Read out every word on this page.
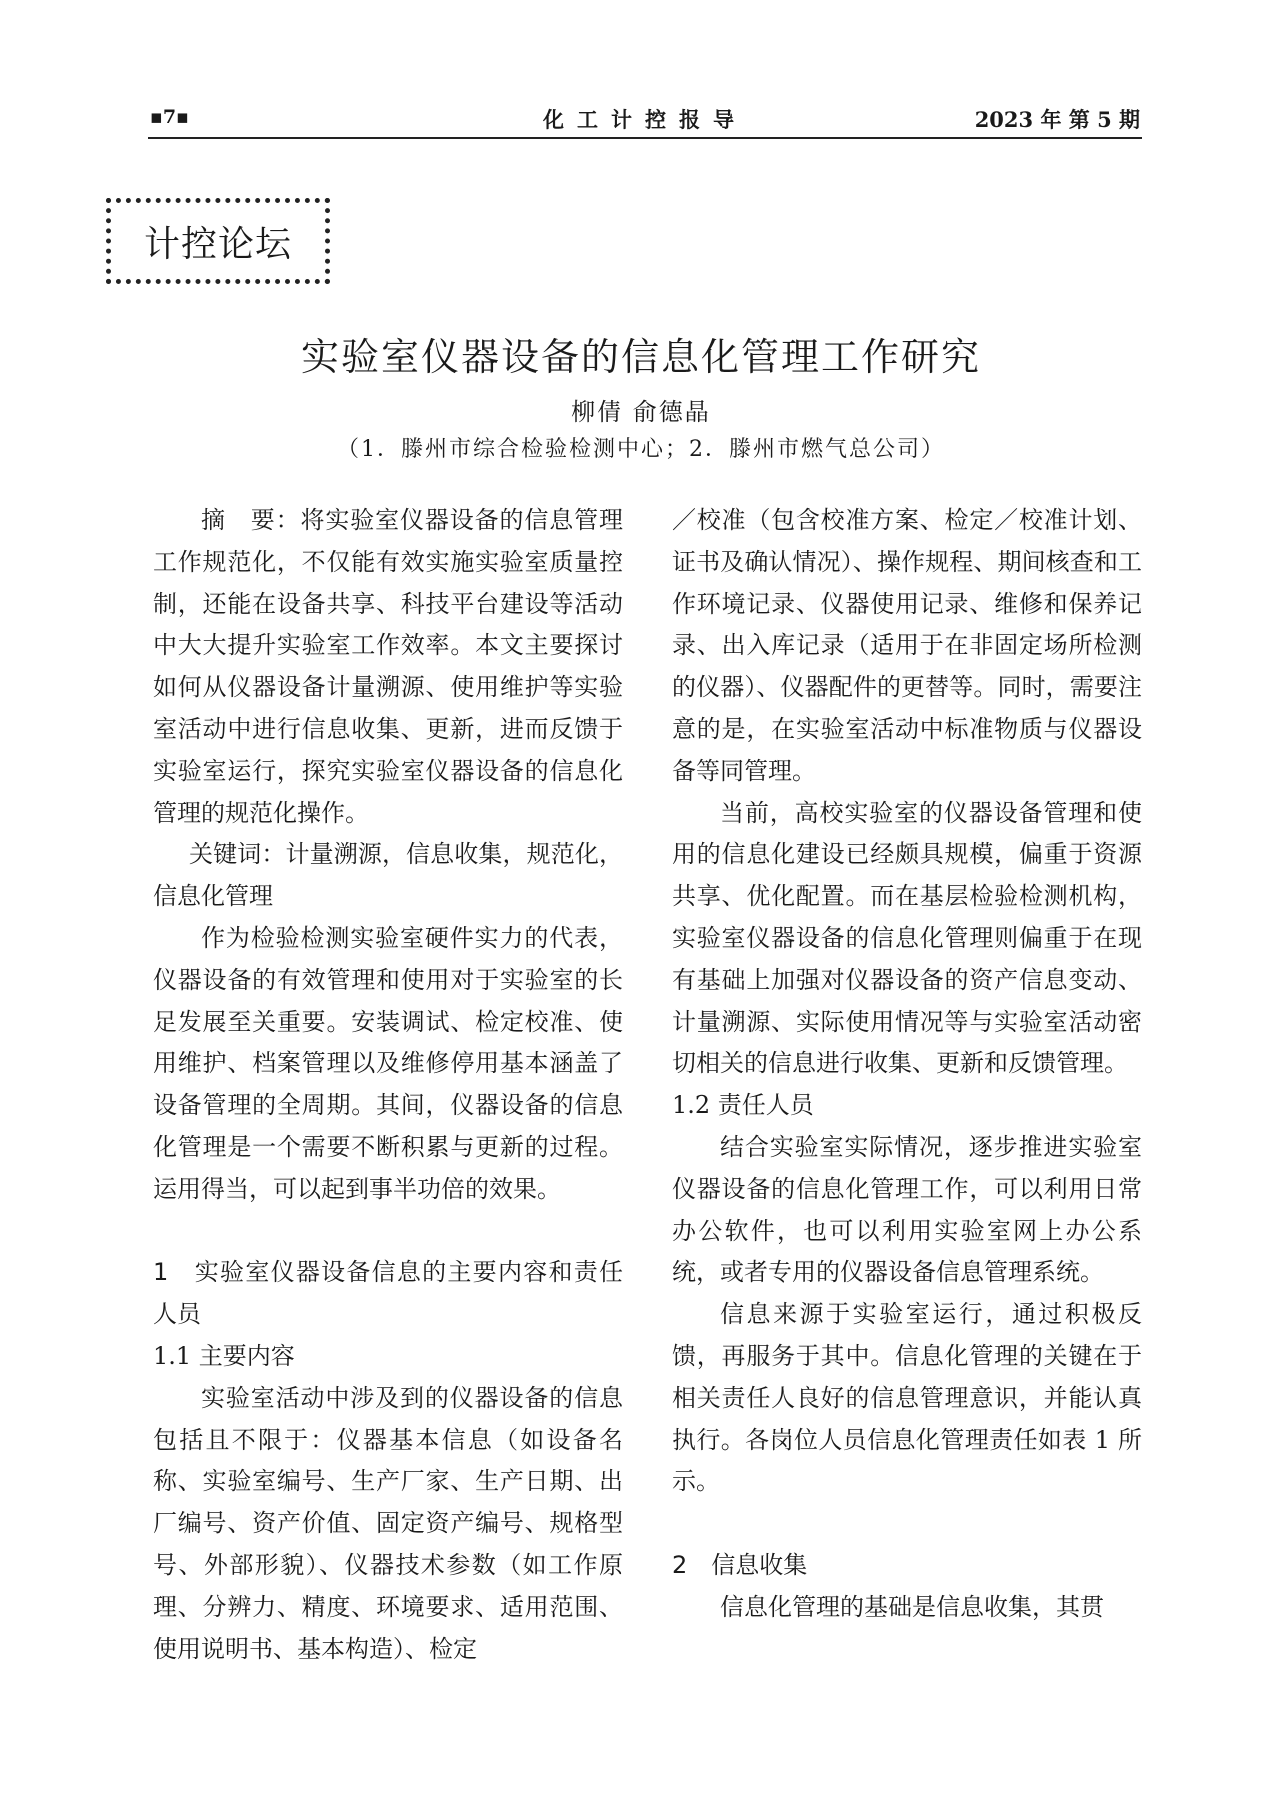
▪7▪	化工计控报导	2023 年 第 5 期
计控论坛
实验室仪器设备的信息化管理工作研究
柳倩 俞德晶
（1．滕州市综合检验检测中心；2．滕州市燃气总公司）

摘　要：将实验室仪器设备的信息管理工作规范化，不仅能有效实施实验室质量控制，还能在设备共享、科技平台建设等活动中大大提升实验室工作效率。本文主要探讨如何从仪器设备计量溯源、使用维护等实验室活动中进行信息收集、更新，进而反馈于实验室运行，探究实验室仪器设备的信息化管理的规范化操作。

关键词：计量溯源，信息收集，规范化，信息化管理

作为检验检测实验室硬件实力的代表，仪器设备的有效管理和使用对于实验室的长足发展至关重要。安装调试、检定校准、使用维护、档案管理以及维修停用基本涵盖了设备管理的全周期。其间，仪器设备的信息化管理是一个需要不断积累与更新的过程。运用得当，可以起到事半功倍的效果。

1　实验室仪器设备信息的主要内容和责任人员
1.1 主要内容

实验室活动中涉及到的仪器设备的信息包括且不限于：仪器基本信息（如设备名称、实验室编号、生产厂家、生产日期、出厂编号、资产价值、固定资产编号、规格型号、外部形貌）、仪器技术参数（如工作原理、分辨力、精度、环境要求、适用范围、使用说明书、基本构造）、检定

／校准（包含校准方案、检定／校准计划、证书及确认情况）、操作规程、期间核查和工作环境记录、仪器使用记录、维修和保养记录、出入库记录（适用于在非固定场所检测的仪器）、仪器配件的更替等。同时，需要注意的是，在实验室活动中标准物质与仪器设备等同管理。

当前，高校实验室的仪器设备管理和使用的信息化建设已经颇具规模，偏重于资源共享、优化配置。而在基层检验检测机构，实验室仪器设备的信息化管理则偏重于在现有基础上加强对仪器设备的资产信息变动、计量溯源、实际使用情况等与实验室活动密切相关的信息进行收集、更新和反馈管理。

1.2 责任人员

结合实验室实际情况，逐步推进实验室仪器设备的信息化管理工作，可以利用日常办公软件，也可以利用实验室网上办公系统，或者专用的仪器设备信息管理系统。

信息来源于实验室运行，通过积极反馈，再服务于其中。信息化管理的关键在于相关责任人良好的信息管理意识，并能认真执行。各岗位人员信息化管理责任如表 1 所示。

2　信息收集

信息化管理的基础是信息收集，其贯
